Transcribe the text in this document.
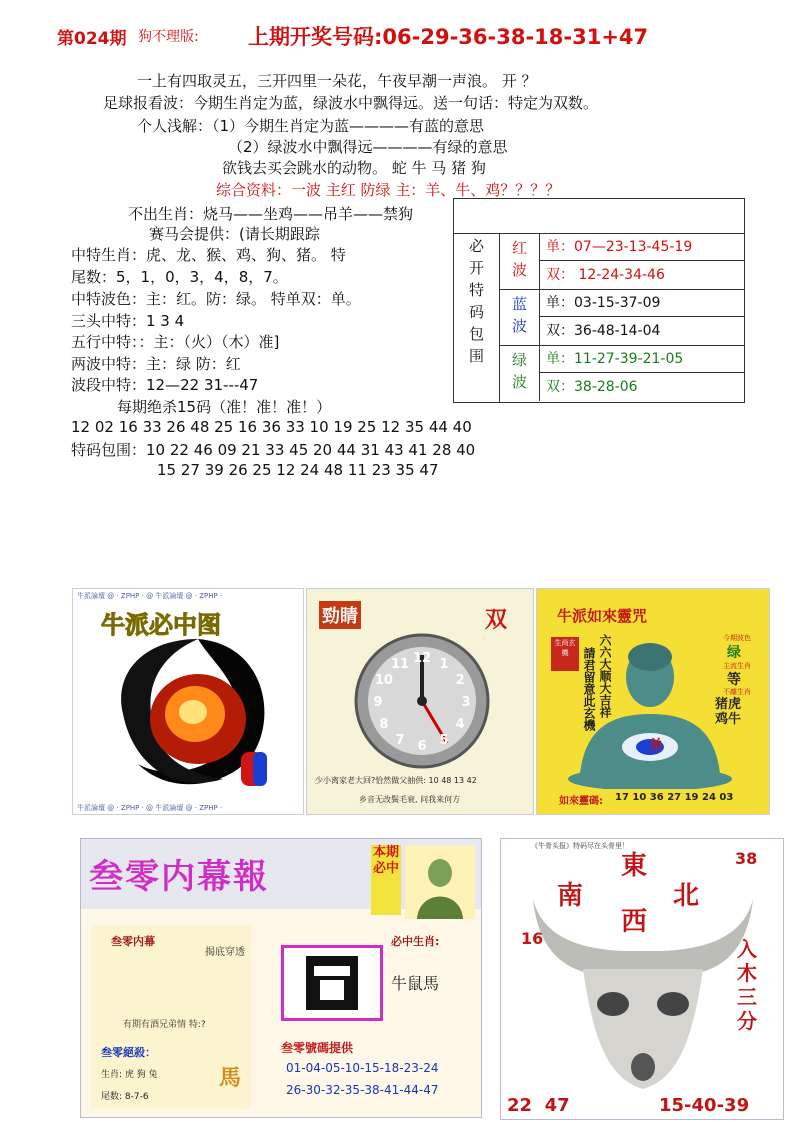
第024期 狗不理版: 上期开奖号码:06-29-36-38-18-31+47
一上有四取灵五，三开四里一朵花，午夜早潮一声浪。 开 ？
足球报看波：今期生肖定为蓝，绿波水中飘得远。送一句话：特定为双数。
个人浅解：（1）今期生肖定为蓝————有蓝的意思
（2）绿波水中飘得远————有绿的意思
欲钱去买会跳水的动物。 蛇 牛 马 猪 狗
综合资料：一波 主红 防绿 主：羊、牛、鸡？？？？
不出生肖：烧马——坐鸡——吊羊——禁狗
赛马会提供：(请长期跟踪
中特生肖：虎、龙、猴、鸡、狗、猪。 特
尾数：5，1，0，3，4，8，7。
中特波色：主：红。防：绿。 特单双：单。
三头中特：1 3 4
五行中特：：主：（火）（木）准]
两波中特：主：绿 防：红
波段中特：12—22 31---47
每期绝杀15码（准！准！准！）
12 02 16 33 26 48 25 16 36 33 10 19 25 12 35 44 40
特码包围：10 22 46 09 21 33 45 20 44 31 43 41 28 40
15 27 39 26 25 12 24 48 11 23 35 47
必
开
特
码
包
围
红
波
单：07—23-13-45-19
双： 12-24-34-46
蓝
波
单：03-15-37-09
双：36-48-14-04
绿
波
单：11-27-39-21-05
双：38-28-06
牛派論壇 @ · ZPHP · @ 牛派論壇 @ · ZPHP ·
牛派論壇 @ · ZPHP · @ 牛派論壇 @ · ZPHP ·
牛派必中图	勁睛	双
12 1
2
3
4
5
6
7
8
9
10
11
少小离家老大回?恰然做父抽供: 10 48 13 42
乡音无改鬓毛衰, 问我来何方
牛派如來靈咒
生尚玄機	請君留意此玄機 六六大顺大吉祥	今期波色
绿
主流生肖
等
不離生肖
猪虎
鸡牛
单
如來靈碼: 17 10 36 27 19 24 03
叁零内幕報
本期必中
叁零内幕
揭底穿透
有期有酒兄弟情 特:?
叁零絕殺：
生肖: 虎 狗 兔
尾数: 8-7-6
馬
必中生肖:
牛鼠馬
叁零號碼提供
01-04-05-10-15-18-23-24
26-30-32-35-38-41-44-47
《牛骨头报》特码尽在头骨里！
東
南	北
西
38
16	入木三分
22  47	15-40-39
